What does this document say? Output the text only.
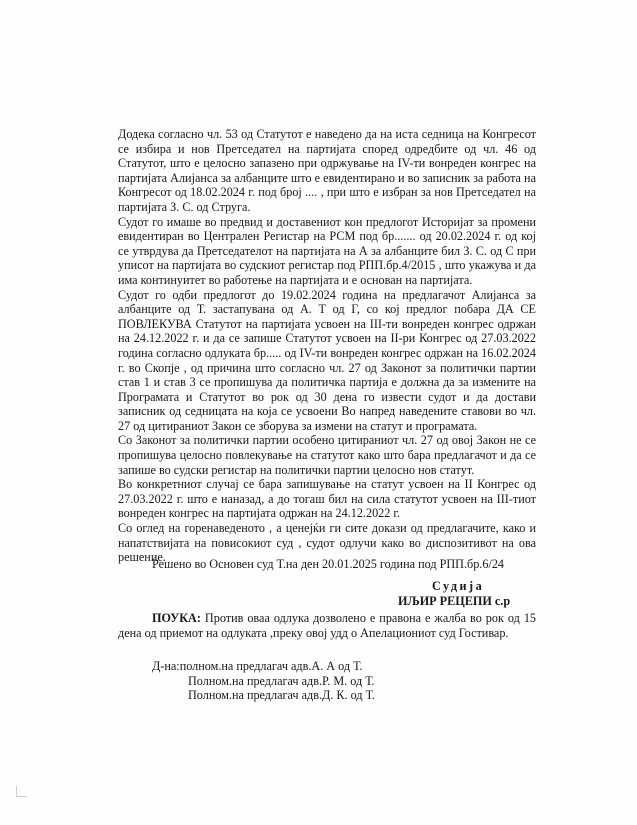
Додека согласно чл. 53 од Статутот е наведено да на иста седница на Конгресот се избира и нов Претседател на партијата според одредбите од чл. 46 од Статутот, што е целосно запазено при одржување на IV-ти вонреден конгрес на партијата Алијанса за албанците што е евидентирано и во записник за работа на Конгресот од 18.02.2024 г. под број .... , при што е избран за нов Претседател на партијата З. С. од Струга.

Судот го имаше во предвид и доставениот кон предлогот Историјат за промени евидентиран во Централен Регистар на РСМ под бр....... од 20.02.2024 г. од кој се утврдува да Претседателот на партијата на А за албанците бил З. С. од С при уписот на партијата во судскиот регистар под РПП.бр.4/2015 , што укажува и да има континуитет во работење на партијата и е основан на партијата.

Судот го одби предлогот до 19.02.2024 година на предлагачот Алијанса за албанците од Т. застапувана од А. Т од Г, со кој предлог побара ДА СЕ ПОВЛЕКУВА Статутот на партијата усвоен на III-ти вонреден конгрес одржан на 24.12.2022 г. и да се запише Статутот усвоен на II-ри Конгрес од 27.03.2022 година согласно одлуката бр..... од IV-ти вонреден конгрес одржан на 16.02.2024 г. во Скопје , од причина што согласно чл. 27 од Законот за политички партии став 1 и став 3 се пропишува да политичка партија е должна да за измените на Програмата и Статутот во рок од 30 дена го извести судот и да достави записник од седницата на која се усвоени Во напред наведените ставови во чл. 27 од цитираниот Закон се зборува за измени на статут и програмата.

Со Законот за политички партии особено цитираниот чл. 27 од овој Закон не се пропишува целосно повлекување на статутот како што бара предлагачот и да се запише во судски регистар на политички партии целосно нов статут.

Во конкретниот случај се бара запишување на статут усвоен на II Конгрес од 27.03.2022 г. што е наназад, а до тогаш бил на сила статутот усвоен на III-тиот вонреден конгрес на партијата одржан на 24.12.2022 г.

Со оглед на горенаведеното , а ценејќи ги сите докази од предлагачите, како и напатствијата на повисокиот суд , судот одлучи како во диспозитивот на ова решение.

Решено во Основен суд Т.на ден 20.01.2025 година под РПП.бр.6/24
Судија
ИЉИР РЕЦЕПИ с.р
ПОУКА: Против оваа одлука дозволено е правона е жалба во рок од 15 дена од приемот на одлуката ,преку овој удд о Апелациониот суд Гостивар.
Д-на:полном.на предлагач адв.А. А од Т.
Полном.на предлагач адв.Р. М. од Т.
Полном.на предлагач адв.Д. К. од Т.
